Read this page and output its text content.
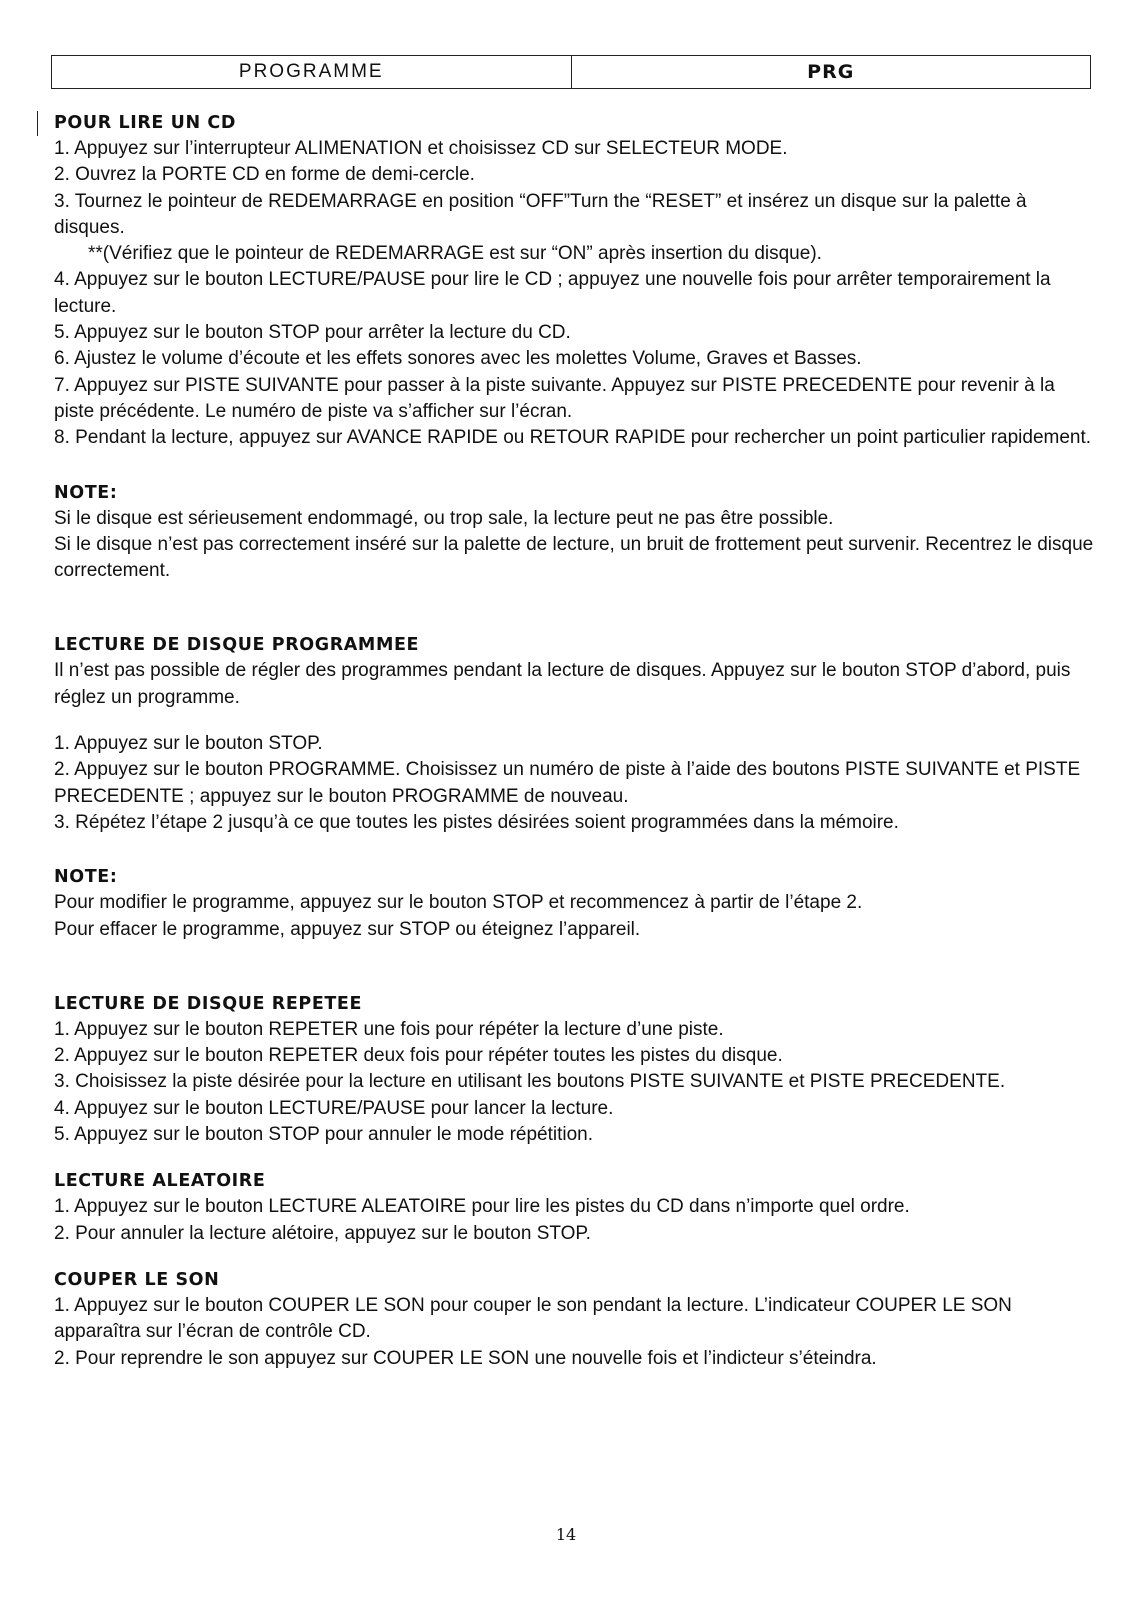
PROGRAMME	PRG
POUR LIRE UN CD

1. Appuyez sur l’interrupteur ALIMENATION et choisissez CD sur SELECTEUR MODE.

2. Ouvrez la PORTE CD en forme de demi-cercle.

3. Tournez le pointeur de REDEMARRAGE en position “OFF”Turn the “RESET” et insérez un disque sur la palette à disques.

**(Vérifiez que le pointeur de REDEMARRAGE est sur “ON” après insertion du disque).

4. Appuyez sur le bouton LECTURE/PAUSE pour lire le CD ; appuyez une nouvelle fois pour arrêter temporairement la lecture.

5. Appuyez sur le bouton STOP pour arrêter la lecture du CD.

6. Ajustez le volume d’écoute et les effets sonores avec les molettes Volume, Graves et Basses.

7. Appuyez sur PISTE SUIVANTE pour passer à la piste suivante. Appuyez sur PISTE PRECEDENTE pour revenir à la piste précédente. Le numéro de piste va s’afficher sur l’écran.

8. Pendant la lecture, appuyez sur AVANCE RAPIDE ou RETOUR RAPIDE pour rechercher un point particulier rapidement.

NOTE:

Si le disque est sérieusement endommagé, ou trop sale, la lecture peut ne pas être possible.

Si le disque n’est pas correctement inséré sur la palette de lecture, un bruit de frottement peut survenir. Recentrez le disque correctement.

LECTURE DE DISQUE PROGRAMMEE

Il n’est pas possible de régler des programmes pendant la lecture de disques. Appuyez sur le bouton STOP d’abord, puis réglez un programme.

1. Appuyez sur le bouton STOP.

2. Appuyez sur le bouton PROGRAMME. Choisissez un numéro de piste à l’aide des boutons PISTE SUIVANTE et PISTE PRECEDENTE ; appuyez sur le bouton PROGRAMME de nouveau.

3. Répétez l’étape 2 jusqu’à ce que toutes les pistes désirées soient programmées dans la mémoire.

NOTE:

Pour modifier le programme, appuyez sur le bouton STOP et recommencez à partir de l’étape 2.

Pour effacer le programme, appuyez sur STOP ou éteignez l’appareil.

LECTURE DE DISQUE REPETEE

1. Appuyez sur le bouton REPETER une fois pour répéter la lecture d’une piste.

2. Appuyez sur le bouton REPETER deux fois pour répéter toutes les pistes du disque.

3. Choisissez la piste désirée pour la lecture en utilisant les boutons PISTE SUIVANTE et PISTE PRECEDENTE.

4. Appuyez sur le bouton LECTURE/PAUSE pour lancer la lecture.

5. Appuyez sur le bouton STOP pour annuler le mode répétition.

LECTURE ALEATOIRE

1. Appuyez sur le bouton LECTURE ALEATOIRE pour lire les pistes du CD dans n’importe quel ordre.

2. Pour annuler la lecture alétoire, appuyez sur le bouton STOP.

COUPER LE SON

1. Appuyez sur le bouton COUPER LE SON pour couper le son pendant la lecture. L’indicateur COUPER LE SON apparaîtra sur l’écran de contrôle CD.

2. Pour reprendre le son appuyez sur COUPER LE SON une nouvelle fois et l’indicteur s’éteindra.

14
